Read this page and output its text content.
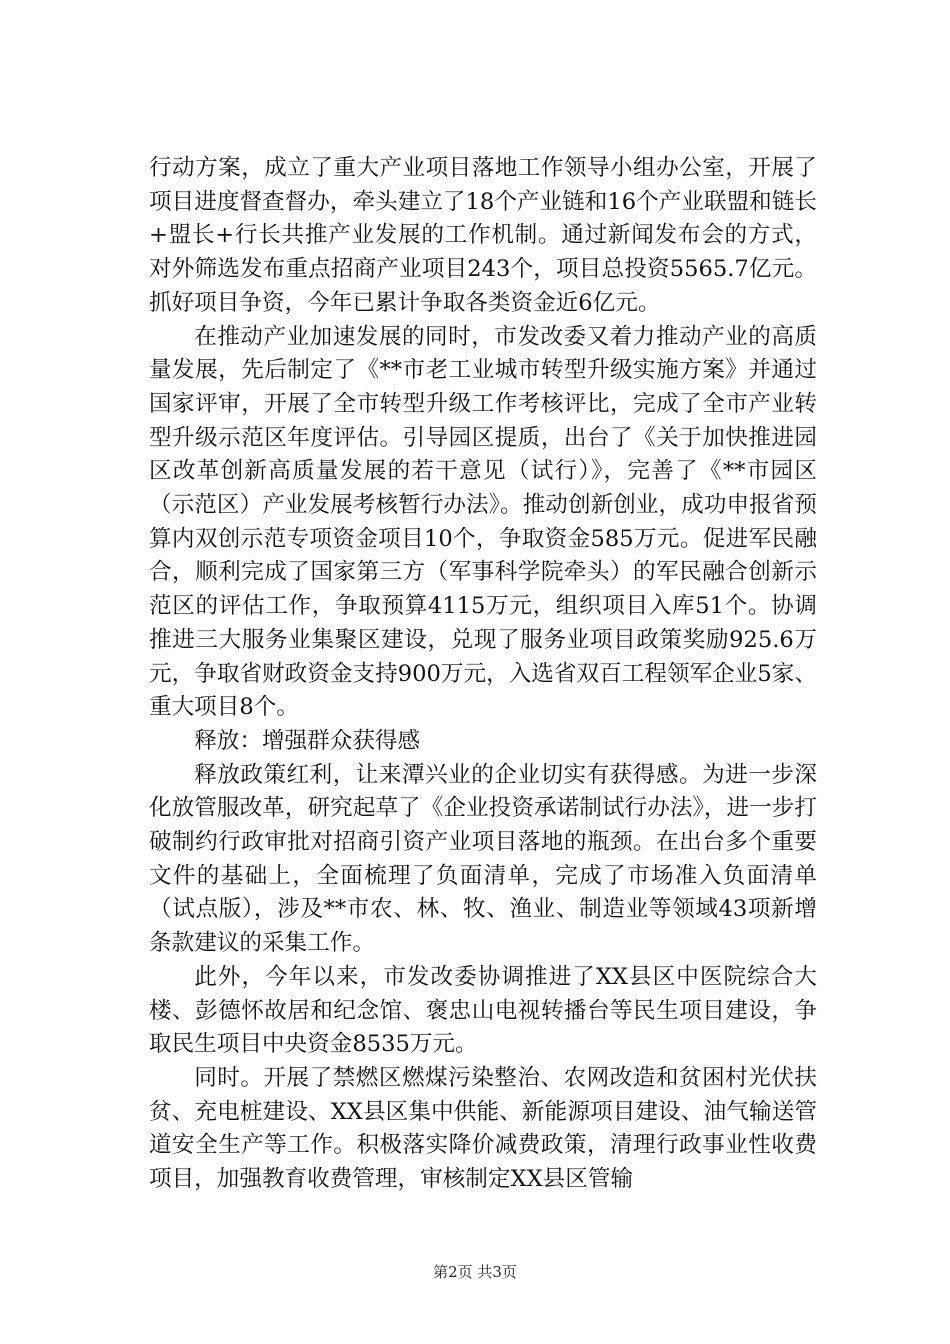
行动方案，成立了重大产业项目落地工作领导小组办公室，开展了项目进度督查督办，牵头建立了18个产业链和16个产业联盟和链长+盟长+行长共推产业发展的工作机制。通过新闻发布会的方式，对外筛选发布重点招商产业项目243个，项目总投资5565.7亿元。抓好项目争资，今年已累计争取各类资金近6亿元。

在推动产业加速发展的同时，市发改委又着力推动产业的高质量发展，先后制定了《**市老工业城市转型升级实施方案》并通过国家评审，开展了全市转型升级工作考核评比，完成了全市产业转型升级示范区年度评估。引导园区提质，出台了《关于加快推进园区改革创新高质量发展的若干意见（试行）》，完善了《**市园区（示范区）产业发展考核暂行办法》。推动创新创业，成功申报省预算内双创示范专项资金项目10个，争取资金585万元。促进军民融合，顺利完成了国家第三方（军事科学院牵头）的军民融合创新示范区的评估工作，争取预算4115万元，组织项目入库51个。协调推进三大服务业集聚区建设，兑现了服务业项目政策奖励925.6万元，争取省财政资金支持900万元，入选省双百工程领军企业5家、重大项目8个。

释放：增强群众获得感

释放政策红利，让来潭兴业的企业切实有获得感。为进一步深化放管服改革，研究起草了《企业投资承诺制试行办法》，进一步打破制约行政审批对招商引资产业项目落地的瓶颈。在出台多个重要文件的基础上，全面梳理了负面清单，完成了市场准入负面清单（试点版），涉及**市农、林、牧、渔业、制造业等领域43项新增条款建议的采集工作。

此外，今年以来，市发改委协调推进了XX县区中医院综合大楼、彭德怀故居和纪念馆、褒忠山电视转播台等民生项目建设，争取民生项目中央资金8535万元。

同时。开展了禁燃区燃煤污染整治、农网改造和贫困村光伏扶贫、充电桩建设、XX县区集中供能、新能源项目建设、油气输送管道安全生产等工作。积极落实降价减费政策，清理行政事业性收费项目，加强教育收费管理，审核制定XX县区管输

第2页 共3页
